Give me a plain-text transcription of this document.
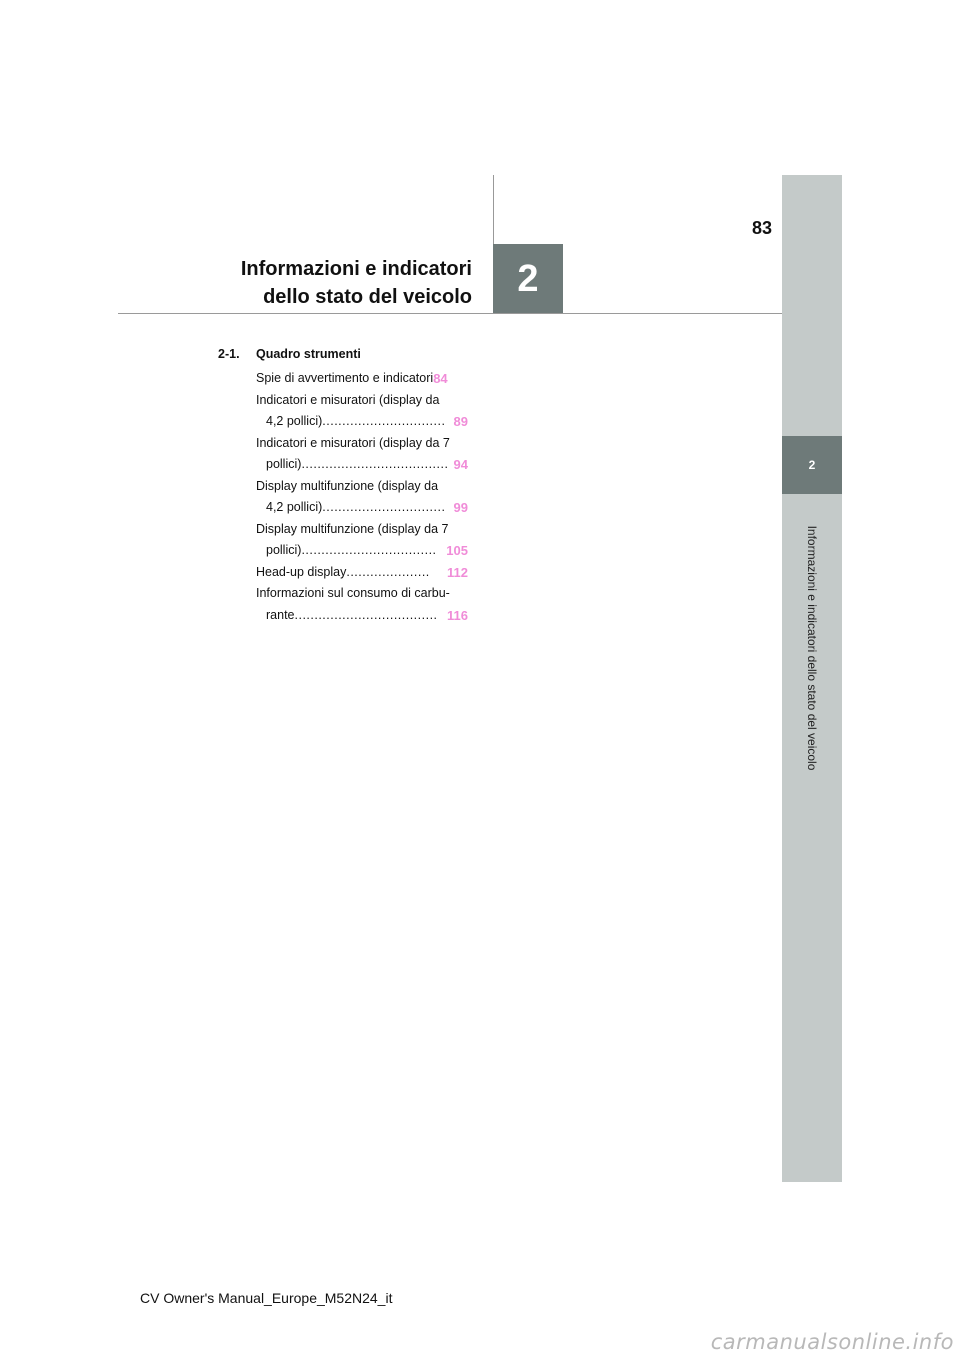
83
2
Informazioni e indicatori
dello stato del veicolo
2
Informazioni e indicatori dello stato del veicolo
2-1. Quadro strumenti
Spie di avvertimento e indicatori 84
Indicatori e misuratori (display da
4,2 pollici) ............................... 89
Indicatori e misuratori (display da 7
pollici) ..................................... 94
Display multifunzione (display da
4,2 pollici) ............................... 99
Display multifunzione (display da 7
pollici) .................................. 105
Head-up display .....................	112
Informazioni sul consumo di carbu-
rante .................................... 116
CV Owner's Manual_Europe_M52N24_it
carmanualsonline.info
